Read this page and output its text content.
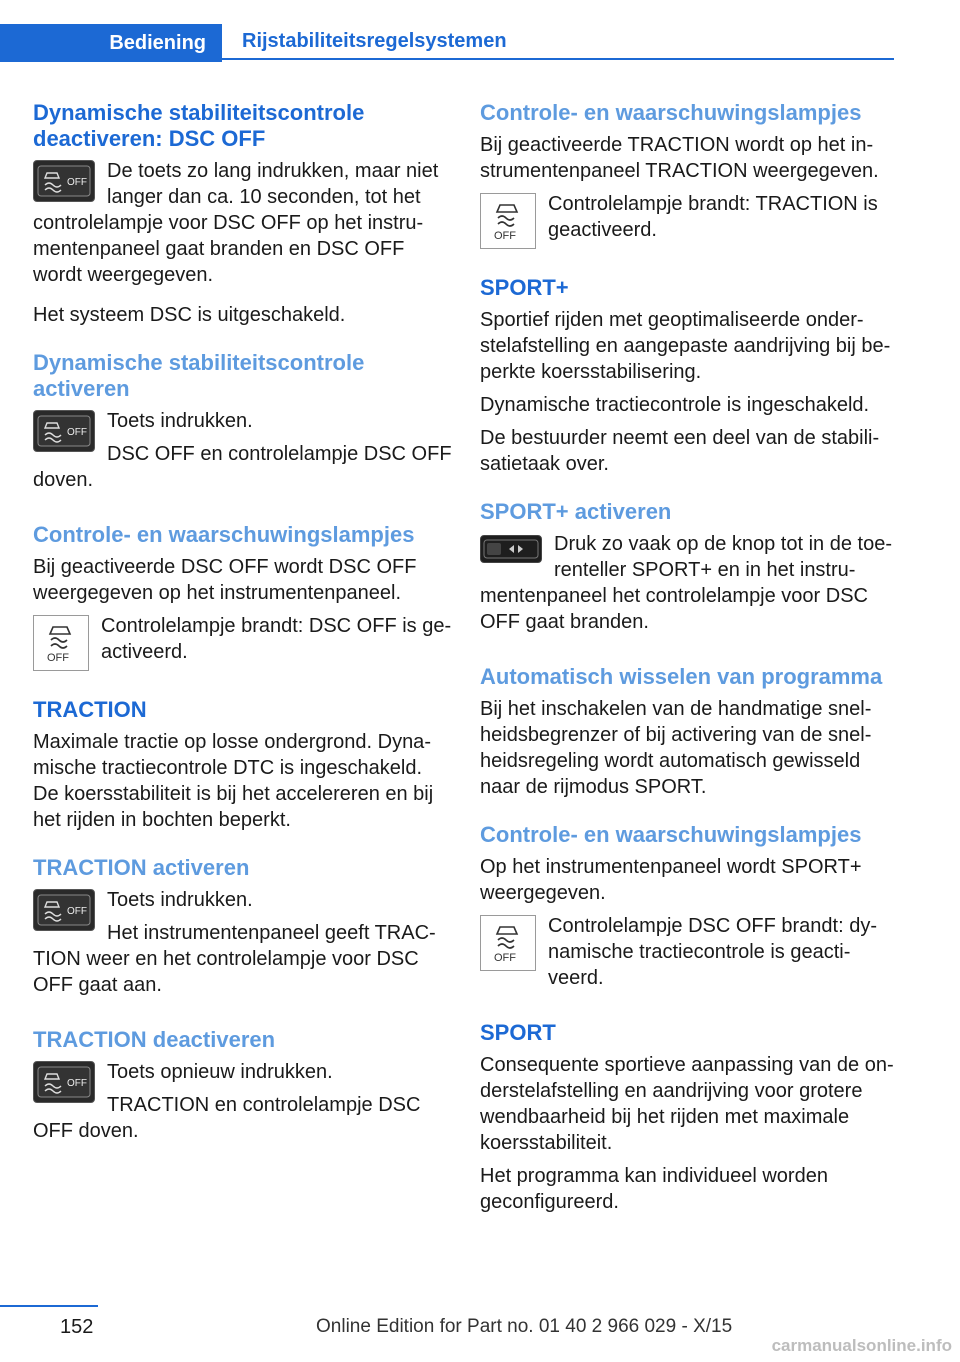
Bediening	Rijstabiliteitsregelsystemen
Dynamische stabiliteitscontrole deactiveren: DSC OFF
OFF
De toets zo lang indrukken, maar niet langer dan ca. 10 seconden, tot het controlelampje voor DSC OFF op het instrumentenpaneel gaat branden en DSC OFF wordt weergegeven.
Het systeem DSC is uitgeschakeld.
Dynamische stabiliteitscontrole activeren
OFF
Toets indrukken.
DSC OFF en controlelampje DSC OFF doven.
Controle- en waarschuwingslampjes
Bij geactiveerde DSC OFF wordt DSC OFF weergegeven op het instrumentenpaneel.
OFF
Controlelampje brandt: DSC OFF is geactiveerd.
TRACTION
Maximale tractie op losse ondergrond. Dynamische tractiecontrole DTC is ingeschakeld. De koersstabiliteit is bij het accelereren en bij het rijden in bochten beperkt.
TRACTION activeren
OFF
Toets indrukken.
Het instrumentenpaneel geeft TRACTION weer en het controlelampje voor DSC OFF gaat aan.
TRACTION deactiveren
OFF
Toets opnieuw indrukken.
TRACTION en controlelampje DSC OFF doven.
Controle- en waarschuwingslampjes
Bij geactiveerde TRACTION wordt op het instrumentenpaneel TRACTION weergegeven.
OFF
Controlelampje brandt: TRACTION is geactiveerd.
SPORT+
Sportief rijden met geoptimaliseerde onderstelafstelling en aangepaste aandrijving bij beperkte koersstabilisering.
Dynamische tractiecontrole is ingeschakeld.
De bestuurder neemt een deel van de stabilisatietaak over.
SPORT+ activeren
Druk zo vaak op de knop tot in de toerenteller SPORT+ en in het instrumentenpaneel het controlelampje voor DSC OFF gaat branden.
Automatisch wisselen van programma
Bij het inschakelen van de handmatige snelheidsbegrenzer of bij activering van de snelheidsregeling wordt automatisch gewisseld naar de rijmodus SPORT.
Controle- en waarschuwingslampjes
Op het instrumentenpaneel wordt SPORT+ weergegeven.
OFF
Controlelampje DSC OFF brandt: dynamische tractiecontrole is geactiveerd.
SPORT
Consequente sportieve aanpassing van de onderstelafstelling en aandrijving voor grotere wendbaarheid bij het rijden met maximale koersstabiliteit.
Het programma kan individueel worden geconfigureerd.
152	Online Edition for Part no. 01 40 2 966 029 - X/15
carmanualsonline.info
